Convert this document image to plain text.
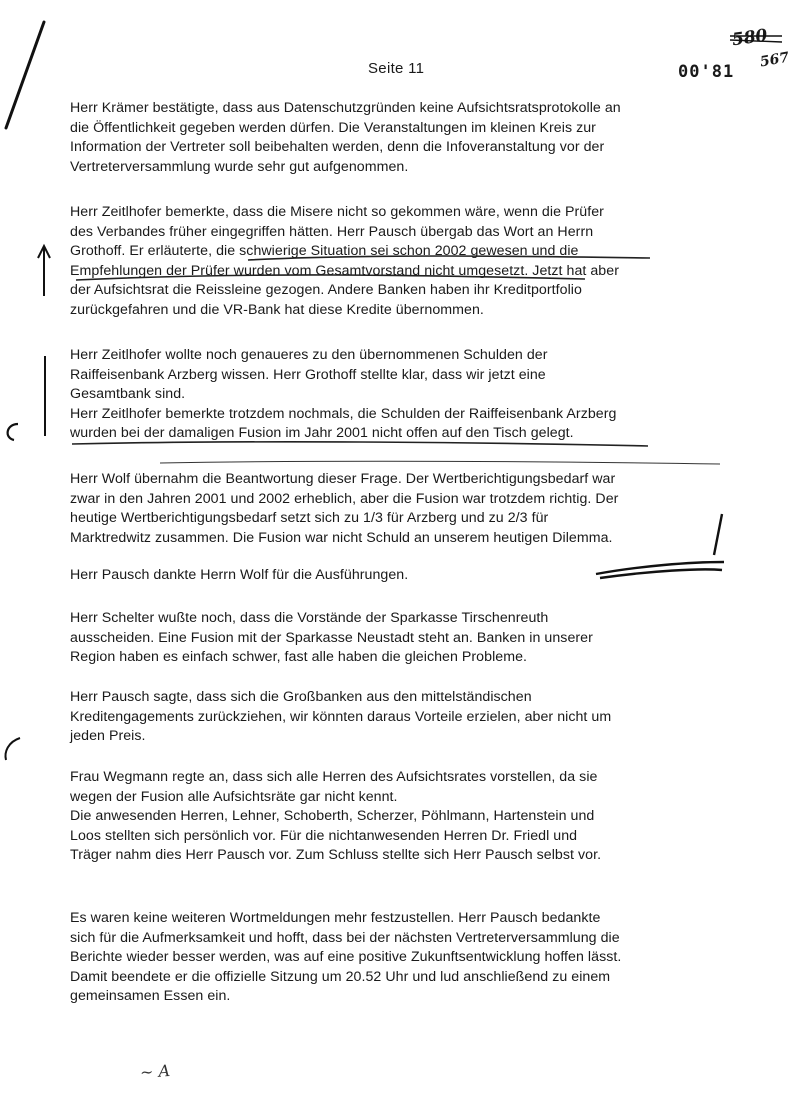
580
567
Seite 11	00'81

Herr Krämer bestätigte, dass aus Datenschutzgründen keine Aufsichtsratsprotokolle an
die Öffentlichkeit gegeben werden dürfen. Die Veranstaltungen im kleinen Kreis zur
Information der Vertreter soll beibehalten werden, denn die Infoveranstaltung vor der
Vertreterversammlung wurde sehr gut aufgenommen.

Herr Zeitlhofer bemerkte, dass die Misere nicht so gekommen wäre, wenn die Prüfer
des Verbandes früher eingegriffen hätten. Herr Pausch übergab das Wort an Herrn
Grothoff. Er erläuterte, die schwierige Situation sei schon 2002 gewesen und die
Empfehlungen der Prüfer wurden vom Gesamtvorstand nicht umgesetzt. Jetzt hat aber
der Aufsichtsrat die Reissleine gezogen. Andere Banken haben ihr Kreditportfolio
zurückgefahren und die VR-Bank hat diese Kredite übernommen.

Herr Zeitlhofer wollte noch genaueres zu den übernommenen Schulden der
Raiffeisenbank Arzberg wissen. Herr Grothoff stellte klar, dass wir jetzt eine
Gesamtbank sind.
Herr Zeitlhofer bemerkte trotzdem nochmals, die Schulden der Raiffeisenbank Arzberg
wurden bei der damaligen Fusion im Jahr 2001 nicht offen auf den Tisch gelegt.

Herr Wolf übernahm die Beantwortung dieser Frage. Der Wertberichtigungsbedarf war
zwar in den Jahren 2001 und 2002 erheblich, aber die Fusion war trotzdem richtig. Der
heutige Wertberichtigungsbedarf setzt sich zu 1/3 für Arzberg und zu 2/3 für
Marktredwitz zusammen. Die Fusion war nicht Schuld an unserem heutigen Dilemma.

Herr Pausch dankte Herrn Wolf für die Ausführungen.

Herr Schelter wußte noch, dass die Vorstände der Sparkasse Tirschenreuth
ausscheiden. Eine Fusion mit der Sparkasse Neustadt steht an. Banken in unserer
Region haben es einfach schwer, fast alle haben die gleichen Probleme.

Herr Pausch sagte, dass sich die Großbanken aus den mittelständischen
Kreditengagements zurückziehen, wir könnten daraus Vorteile erzielen, aber nicht um
jeden Preis.

Frau Wegmann regte an, dass sich alle Herren des Aufsichtsrates vorstellen, da sie
wegen der Fusion alle Aufsichtsräte gar nicht kennt.
Die anwesenden Herren, Lehner, Schoberth, Scherzer, Pöhlmann, Hartenstein und
Loos stellten sich persönlich vor. Für die nichtanwesenden Herren Dr. Friedl und
Träger nahm dies Herr Pausch vor. Zum Schluss stellte sich Herr Pausch selbst vor.

Es waren keine weiteren Wortmeldungen mehr festzustellen. Herr Pausch bedankte
sich für die Aufmerksamkeit und hofft, dass bei der nächsten Vertreterversammlung die
Berichte wieder besser werden, was auf eine positive Zukunftsentwicklung hoffen lässt.
Damit beendete er die offizielle Sitzung um 20.52 Uhr und lud anschließend zu einem
gemeinsamen Essen ein.

~ A
